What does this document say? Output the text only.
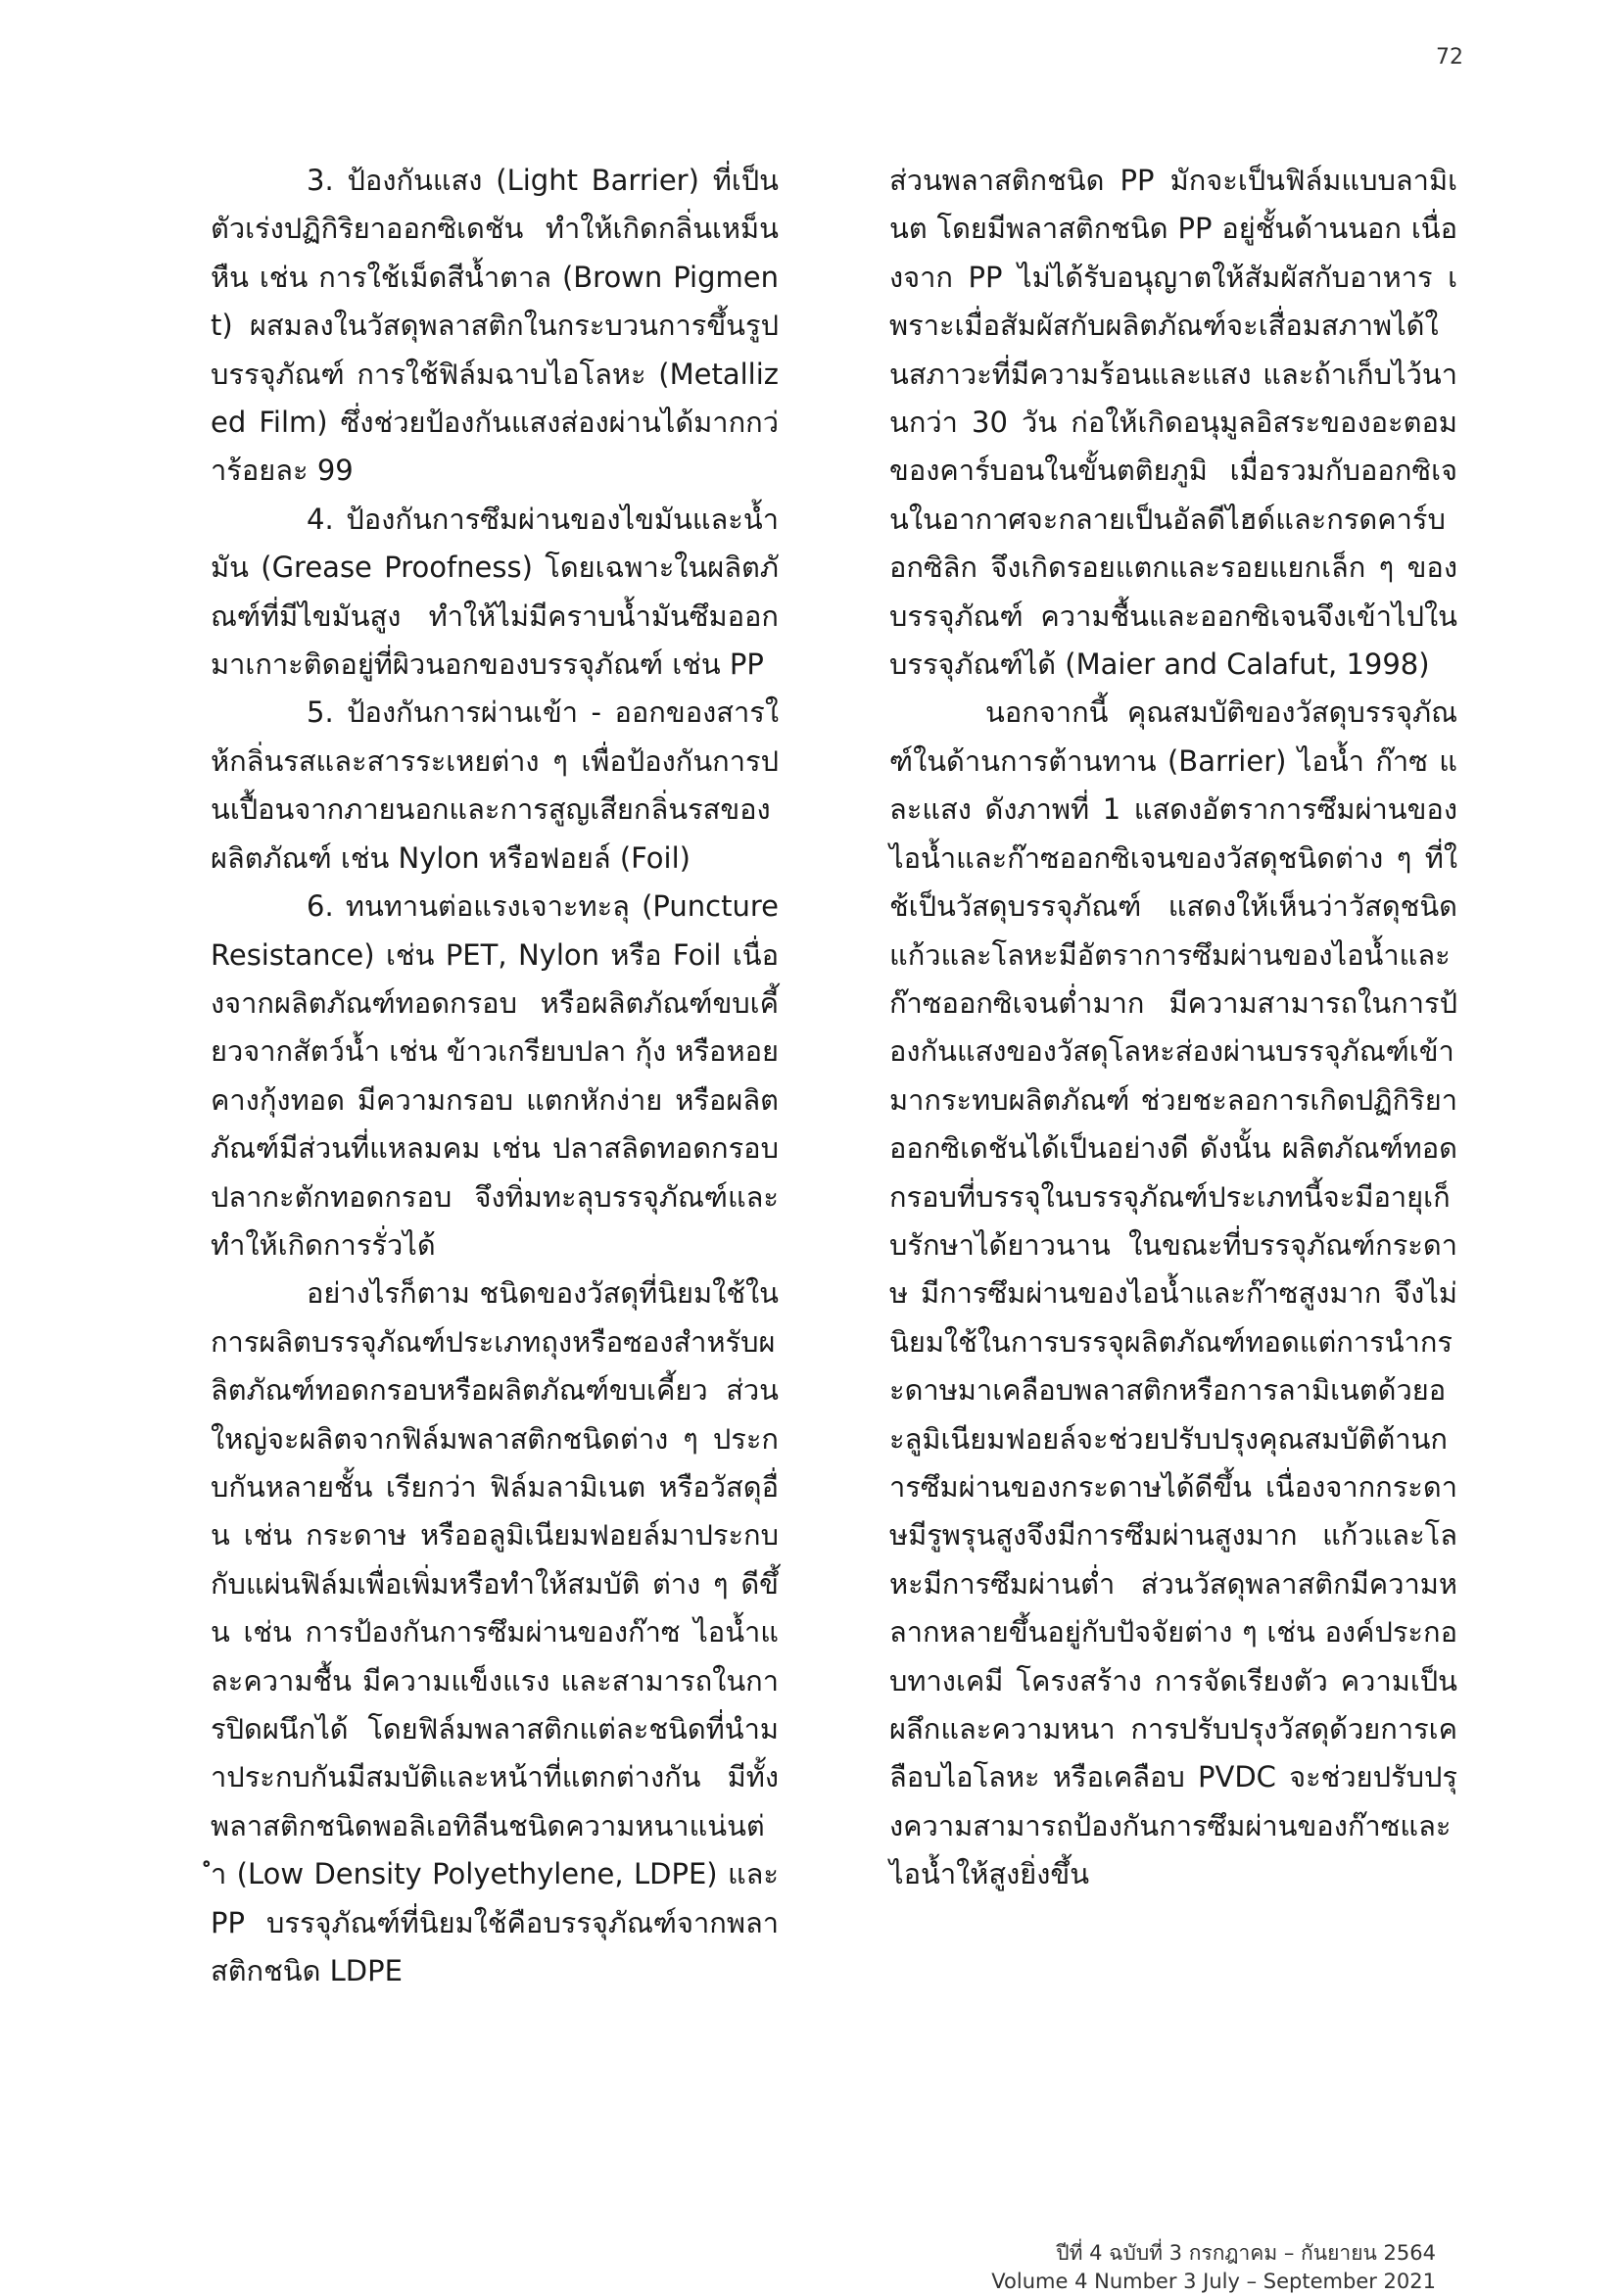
72

3. ป้องกันแสง (Light Barrier) ที่เป็นตัวเร่งปฏิกิริยาออกซิเดชัน ทำให้เกิดกลิ่นเหม็นหืน เช่น การใช้เม็ดสีน้ำตาล (Brown Pigment) ผสมลงในวัสดุพลาสติกในกระบวนการขึ้นรูปบรรจุภัณฑ์ การใช้ฟิล์มฉาบไอโลหะ (Metallized Film) ซึ่งช่วยป้องกันแสงส่องผ่านได้มากกว่าร้อยละ 99

4. ป้องกันการซึมผ่านของไขมันและน้ำมัน (Grease Proofness) โดยเฉพาะในผลิตภัณฑ์ที่มีไขมันสูง ทำให้ไม่มีคราบน้ำมันซึมออกมาเกาะติดอยู่ที่ผิวนอกของบรรจุภัณฑ์ เช่น PP

5. ป้องกันการผ่านเข้า - ออกของสารให้กลิ่นรสและสารระเหยต่าง ๆ เพื่อป้องกันการปนเปื้อนจากภายนอกและการสูญเสียกลิ่นรสของผลิตภัณฑ์ เช่น Nylon หรือฟอยล์ (Foil)

6. ทนทานต่อแรงเจาะทะลุ (Puncture Resistance) เช่น PET, Nylon หรือ Foil เนื่องจากผลิตภัณฑ์ทอดกรอบ หรือผลิตภัณฑ์ขบเคี้ยวจากสัตว์น้ำ เช่น ข้าวเกรียบปลา กุ้ง หรือหอย คางกุ้งทอด มีความกรอบ แตกหักง่าย หรือผลิตภัณฑ์มีส่วนที่แหลมคม เช่น ปลาสลิดทอดกรอบ ปลากะตักทอดกรอบ จึงทิ่มทะลุบรรจุภัณฑ์และทำให้เกิดการรั่วได้

อย่างไรก็ตาม ชนิดของวัสดุที่นิยมใช้ในการผลิตบรรจุภัณฑ์ประเภทถุงหรือซองสำหรับผลิตภัณฑ์ทอดกรอบหรือผลิตภัณฑ์ขบเคี้ยว ส่วนใหญ่จะผลิตจากฟิล์มพลาสติกชนิดต่าง ๆ ประกบกันหลายชั้น เรียกว่า ฟิล์มลามิเนต หรือวัสดุอื่น เช่น กระดาษ หรืออลูมิเนียมฟอยล์มาประกบกับแผ่นฟิล์มเพื่อเพิ่มหรือทำให้สมบัติ ต่าง ๆ ดีขึ้น เช่น การป้องกันการซึมผ่านของก๊าซ ไอน้ำและความชื้น มีความแข็งแรง และสามารถในการปิดผนึกได้ โดยฟิล์มพลาสติกแต่ละชนิดที่นำมาประกบกันมีสมบัติและหน้าที่แตกต่างกัน มีทั้งพลาสติกชนิดพอลิเอทิลีนชนิดความหนาแน่นต่ำ (Low Density Polyethylene, LDPE) และ PP บรรจุภัณฑ์ที่นิยมใช้คือบรรจุภัณฑ์จากพลาสติกชนิด LDPE

ส่วนพลาสติกชนิด PP มักจะเป็นฟิล์มแบบลามิเนต โดยมีพลาสติกชนิด PP อยู่ชั้นด้านนอก เนื่องจาก PP ไม่ได้รับอนุญาตให้สัมผัสกับอาหาร เพราะเมื่อสัมผัสกับผลิตภัณฑ์จะเสื่อมสภาพได้ในสภาวะที่มีความร้อนและแสง และถ้าเก็บไว้นานกว่า 30 วัน ก่อให้เกิดอนุมูลอิสระของอะตอมของคาร์บอนในขั้นตติยภูมิ เมื่อรวมกับออกซิเจนในอากาศจะกลายเป็นอัลดีไฮด์และกรดคาร์บอกซิลิก จึงเกิดรอยแตกและรอยแยกเล็ก ๆ ของบรรจุภัณฑ์ ความชื้นและออกซิเจนจึงเข้าไปในบรรจุภัณฑ์ได้ (Maier and Calafut, 1998)

นอกจากนี้ คุณสมบัติของวัสดุบรรจุภัณฑ์ในด้านการต้านทาน (Barrier) ไอน้ำ ก๊าซ และแสง ดังภาพที่ 1 แสดงอัตราการซึมผ่านของไอน้ำและก๊าซออกซิเจนของวัสดุชนิดต่าง ๆ ที่ใช้เป็นวัสดุบรรจุภัณฑ์ แสดงให้เห็นว่าวัสดุชนิดแก้วและโลหะมีอัตราการซึมผ่านของไอน้ำและก๊าซออกซิเจนต่ำมาก มีความสามารถในการป้องกันแสงของวัสดุโลหะส่องผ่านบรรจุภัณฑ์เข้ามากระทบผลิตภัณฑ์ ช่วยชะลอการเกิดปฏิกิริยาออกซิเดชันได้เป็นอย่างดี ดังนั้น ผลิตภัณฑ์ทอดกรอบที่บรรจุในบรรจุภัณฑ์ประเภทนี้จะมีอายุเก็บรักษาได้ยาวนาน ในขณะที่บรรจุภัณฑ์กระดาษ มีการซึมผ่านของไอน้ำและก๊าซสูงมาก จึงไม่นิยมใช้ในการบรรจุผลิตภัณฑ์ทอดแต่การนำกระดาษมาเคลือบพลาสติกหรือการลามิเนตด้วยอะลูมิเนียมฟอยล์จะช่วยปรับปรุงคุณสมบัติต้านการซึมผ่านของกระดาษได้ดีขึ้น เนื่องจากกระดาษมีรูพรุนสูงจึงมีการซึมผ่านสูงมาก แก้วและโลหะมีการซึมผ่านต่ำ ส่วนวัสดุพลาสติกมีความหลากหลายขึ้นอยู่กับปัจจัยต่าง ๆ เช่น องค์ประกอบทางเคมี โครงสร้าง การจัดเรียงตัว ความเป็นผลึกและความหนา การปรับปรุงวัสดุด้วยการเคลือบไอโลหะ หรือเคลือบ PVDC จะช่วยปรับปรุงความสามารถป้องกันการซึมผ่านของก๊าซและไอน้ำให้สูงยิ่งขึ้น

ปีที่ 4 ฉบับที่ 3 กรกฎาคม – กันยายน 2564
Volume 4 Number 3 July – September 2021
